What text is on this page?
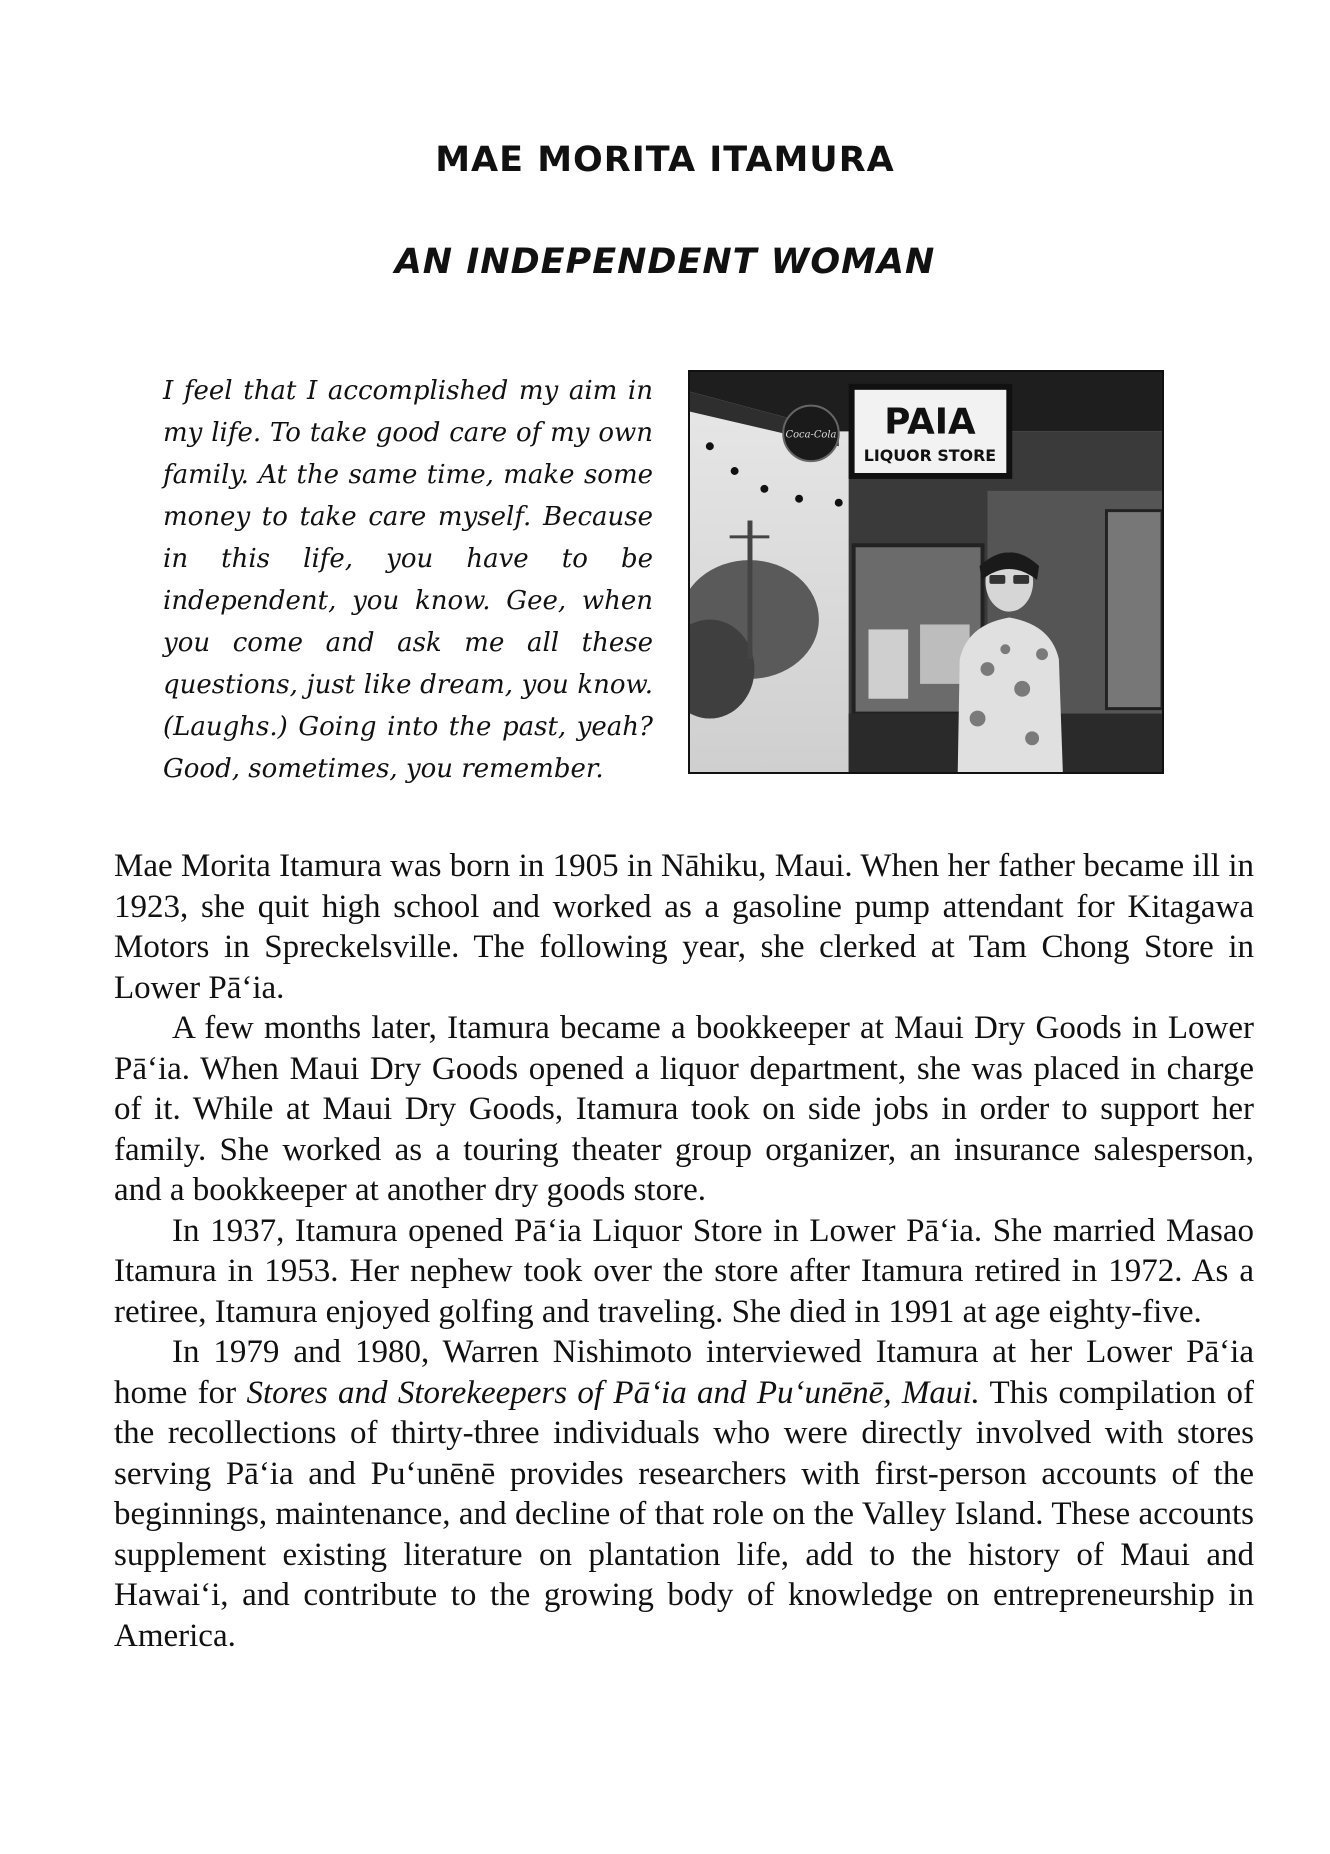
MAE MORITA ITAMURA
AN INDEPENDENT WOMAN

I feel that I accomplished my aim in my life. To take good care of my own family. At the same time, make some money to take care myself. Because in this life, you have to be independent, you know. Gee, when you come and ask me all these questions, just like dream, you know. (Laughs.) Going into the past, yeah? Good, sometimes, you remember.

PAIA
LIQUOR STORE
Coca-Cola

Mae Morita Itamura was born in 1905 in Nāhiku, Maui. When her father became ill in 1923, she quit high school and worked as a gasoline pump attendant for Kitagawa Motors in Spreckelsville. The following year, she clerked at Tam Chong Store in Lower Pāʻia.

A few months later, Itamura became a bookkeeper at Maui Dry Goods in Lower Pāʻia. When Maui Dry Goods opened a liquor department, she was placed in charge of it. While at Maui Dry Goods, Itamura took on side jobs in order to support her family. She worked as a touring theater group organizer, an insurance salesperson, and a bookkeeper at another dry goods store.

In 1937, Itamura opened Pāʻia Liquor Store in Lower Pāʻia. She married Masao Itamura in 1953. Her nephew took over the store after Itamura retired in 1972. As a retiree, Itamura enjoyed golfing and traveling. She died in 1991 at age eighty-five.

In 1979 and 1980, Warren Nishimoto interviewed Itamura at her Lower Pāʻia home for Stores and Storekeepers of Pāʻia and Puʻunēnē, Maui. This compilation of the recollections of thirty-three individuals who were directly involved with stores serving Pāʻia and Puʻunēnē provides researchers with first-person accounts of the beginnings, maintenance, and decline of that role on the Valley Island. These accounts supplement existing literature on plantation life, add to the history of Maui and Hawaiʻi, and contribute to the growing body of knowledge on entrepreneurship in America.
